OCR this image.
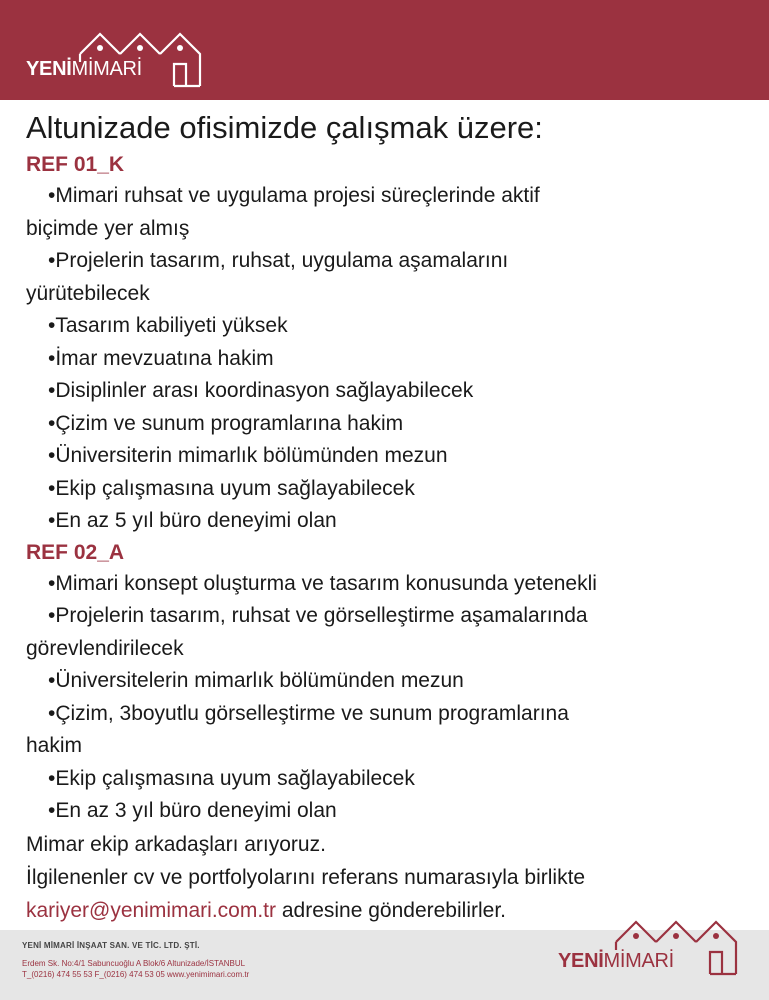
YENİMİMARİ
Altunizade ofisimizde çalışmak üzere:
REF 01_K
•Mimari ruhsat ve uygulama projesi süreçlerinde aktif
biçimde yer almış
•Projelerin tasarım, ruhsat, uygulama aşamalarını
yürütebilecek
•Tasarım kabiliyeti yüksek
•İmar mevzuatına hakim
•Disiplinler arası koordinasyon sağlayabilecek
•Çizim ve sunum programlarına hakim
•Üniversiterin mimarlık bölümünden mezun
•Ekip çalışmasına uyum sağlayabilecek
•En az 5 yıl büro deneyimi olan
REF 02_A
•Mimari konsept oluşturma ve tasarım konusunda yetenekli
•Projelerin tasarım, ruhsat ve görselleştirme aşamalarında
görevlendirilecek
•Üniversitelerin mimarlık bölümünden mezun
•Çizim, 3boyutlu görselleştirme ve sunum programlarına
hakim
•Ekip çalışmasına uyum sağlayabilecek
•En az 3 yıl büro deneyimi olan
Mimar ekip arkadaşları arıyoruz.
İlgilenenler cv ve portfolyolarını referans numarasıyla birlikte
kariyer@yenimimari.com.tr adresine gönderebilirler.
YENİ MİMARİ İNŞAAT SAN. VE TİC. LTD. ŞTİ.
Erdem Sk. No:4/1 Sabuncuoğlu A Blok/6 Altunizade/İSTANBUL
T_(0216) 474 55 53 F_(0216) 474 53 05 www.yenimimari.com.tr
YENİMİMARİ
